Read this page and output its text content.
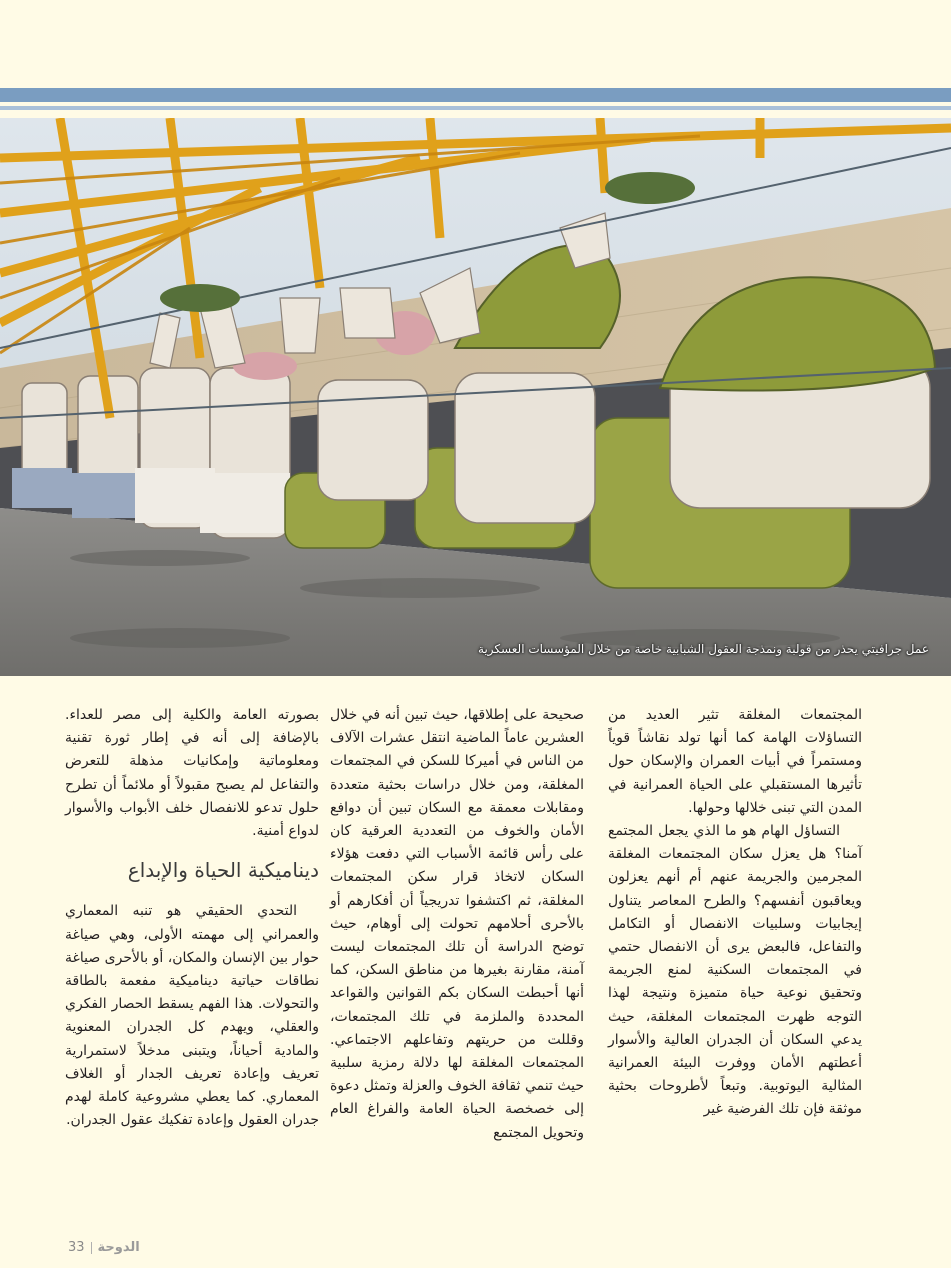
عمل جرافيتي يحذر من قولبة ونمذجة العقول الشبابية خاصة من خلال المؤسسات العسكرية

المجتمعات المغلقة تثير العديد من التساؤلات الهامة كما أنها تولد نقاشاً قوياً ومستمراً في أبيات العمران والإسكان حول تأثيرها المستقبلي على الحياة العمرانية في المدن التي تبنى خلالها وحولها.

التساؤل الهام هو ما الذي يجعل المجتمع آمنا؟ هل يعزل سكان المجتمعات المغلقة المجرمين والجريمة عنهم أم أنهم يعزلون ويعاقبون أنفسهم؟ والطرح المعاصر يتناول إيجابيات وسلبيات الانفصال أو التكامل والتفاعل، فالبعض يرى أن الانفصال حتمي في المجتمعات السكنية لمنع الجريمة وتحقيق نوعية حياة متميزة ونتيجة لهذا التوجه ظهرت المجتمعات المغلقة، حيث يدعي السكان أن الجدران العالية والأسوار أعطتهم الأمان ووفرت البيئة العمرانية المثالية اليوتوبية. وتبعاً لأطروحات بحثية موثقة فإن تلك الفرضية غير

صحيحة على إطلاقها، حيث تبين أنه في خلال العشرين عاماً الماضية انتقل عشرات الآلاف من الناس في أميركا للسكن في المجتمعات المغلقة، ومن خلال دراسات بحثية متعددة ومقابلات معمقة مع السكان تبين أن دوافع الأمان والخوف من التعددية العرقية كان على رأس قائمة الأسباب التي دفعت هؤلاء السكان لاتخاذ قرار سكن المجتمعات المغلقة، ثم اكتشفوا تدريجياً أن أفكارهم أو بالأحرى أحلامهم تحولت إلى أوهام، حيث توضح الدراسة أن تلك المجتمعات ليست آمنة، مقارنة بغيرها من مناطق السكن، كما أنها أحبطت السكان بكم القوانين والقواعد المحددة والملزمة في تلك المجتمعات، وقللت من حريتهم وتفاعلهم الاجتماعي. المجتمعات المغلقة لها دلالة رمزية سلبية حيث تنمي ثقافة الخوف والعزلة وتمثل دعوة إلى خصخصة الحياة العامة والفراغ العام وتحويل المجتمع

بصورته العامة والكلية إلى مصر للعداء. بالإضافة إلى أنه في إطار ثورة تقنية ومعلوماتية وإمكانيات مذهلة للتعرض والتفاعل لم يصبح مقبولاً أو ملائماً أن تطرح حلول تدعو للانفصال خلف الأبواب والأسوار لدواع أمنية.

ديناميكية الحياة والإبداع

التحدي الحقيقي هو تنبه المعماري والعمراني إلى مهمته الأولى، وهي صياغة حوار بين الإنسان والمكان، أو بالأحرى صياغة نطاقات حياتية ديناميكية مفعمة بالطاقة والتحولات. هذا الفهم يسقط الحصار الفكري والعقلي، ويهدم كل الجدران المعنوية والمادية أحياناً، ويتبنى مدخلاً لاستمرارية تعريف وإعادة تعريف الجدار أو الغلاف المعماري. كما يعطي مشروعية كاملة لهدم جدران العقول وإعادة تفكيك عقول الجدران.

33 الدوحة
